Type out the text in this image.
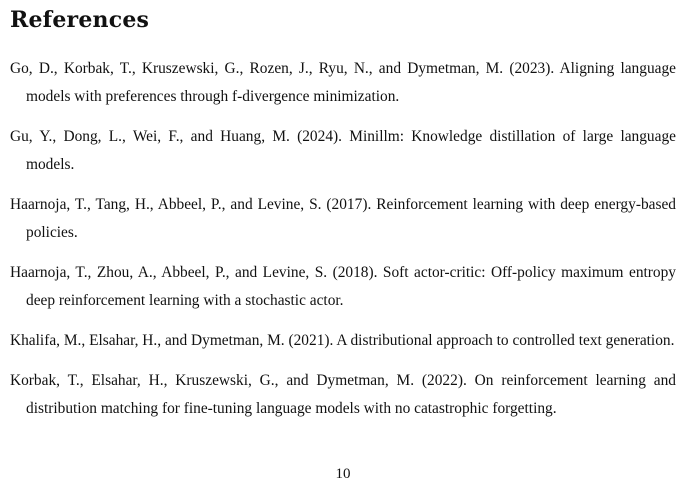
References
Go, D., Korbak, T., Kruszewski, G., Rozen, J., Ryu, N., and Dymetman, M. (2023). Aligning language models with preferences through f-divergence minimization.
Gu, Y., Dong, L., Wei, F., and Huang, M. (2024). Minillm: Knowledge distillation of large language models.
Haarnoja, T., Tang, H., Abbeel, P., and Levine, S. (2017). Reinforcement learning with deep energy-based policies.
Haarnoja, T., Zhou, A., Abbeel, P., and Levine, S. (2018). Soft actor-critic: Off-policy maximum entropy deep reinforcement learning with a stochastic actor.
Khalifa, M., Elsahar, H., and Dymetman, M. (2021). A distributional approach to controlled text generation.
Korbak, T., Elsahar, H., Kruszewski, G., and Dymetman, M. (2022). On reinforcement learning and distribution matching for fine-tuning language models with no catastrophic forgetting.
10
